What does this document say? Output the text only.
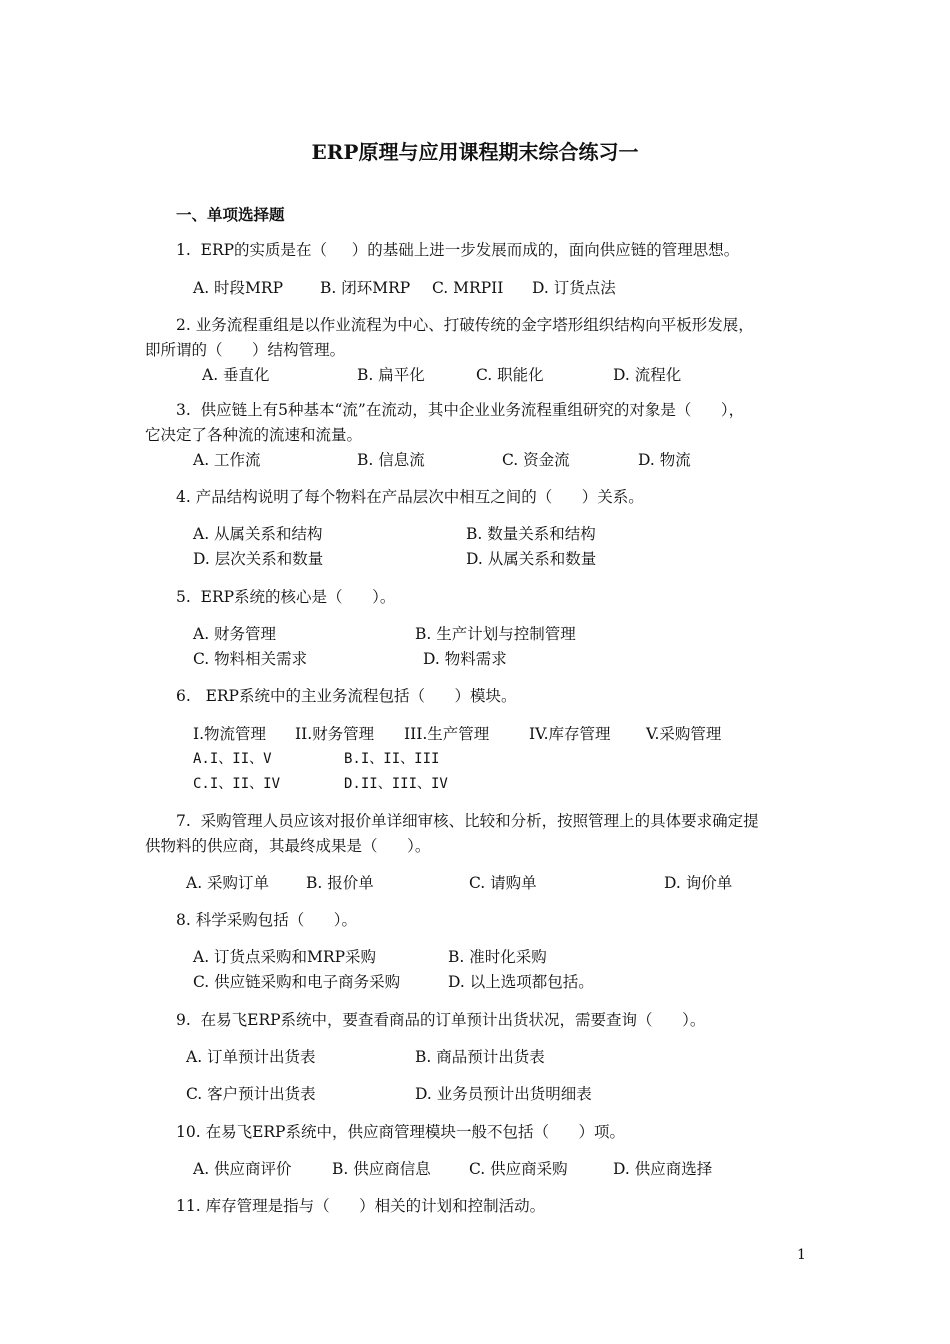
ERP原理与应用课程期末综合练习一
一、单项选择题
1.  ERP的实质是在（     ）的基础上进一步发展而成的，面向供应链的管理思想。
A. 时段MRP B. 闭环MRP C. MRPII D. 订货点法
2. 业务流程重组是以作业流程为中心、打破传统的金字塔形组织结构向平板形发展，
即所谓的（      ）结构管理。
A. 垂直化	B. 扁平化	C. 职能化	D. 流程化
3.  供应链上有5种基本“流”在流动，其中企业业务流程重组研究的对象是（      ），
它决定了各种流的流速和流量。
A. 工作流	B. 信息流	C. 资金流	D. 物流
4. 产品结构说明了每个物料在产品层次中相互之间的（      ）关系。
A. 从属关系和结构	B. 数量关系和结构
D. 层次关系和数量	D. 从属关系和数量
5.  ERP系统的核心是（      ）。
A. 财务管理	B. 生产计划与控制管理
C. 物料相关需求	D. 物料需求
6.   ERP系统中的主业务流程包括（      ）模块。
I.物流管理 II.财务管理 III.生产管理	IV.库存管理 V.采购管理
A.I、II、V	B.I、II、III
C.I、II、IV	D.II、III、IV
7.  采购管理人员应该对报价单详细审核、比较和分析，按照管理上的具体要求确定提
供物料的供应商，其最终成果是（      ）。
A. 采购订单 B. 报价单	C. 请购单	D. 询价单
8. 科学采购包括（      ）。
A. 订货点采购和MRP采购	B. 准时化采购
C. 供应链采购和电子商务采购	D. 以上选项都包括。
9.  在易飞ERP系统中，要查看商品的订单预计出货状况，需要查询（      ）。
A. 订单预计出货表	B. 商品预计出货表
C. 客户预计出货表	D. 业务员预计出货明细表
10. 在易飞ERP系统中，供应商管理模块一般不包括（      ）项。
A. 供应商评价	B. 供应商信息 C. 供应商采购	D. 供应商选择
11. 库存管理是指与（      ）相关的计划和控制活动。
1
